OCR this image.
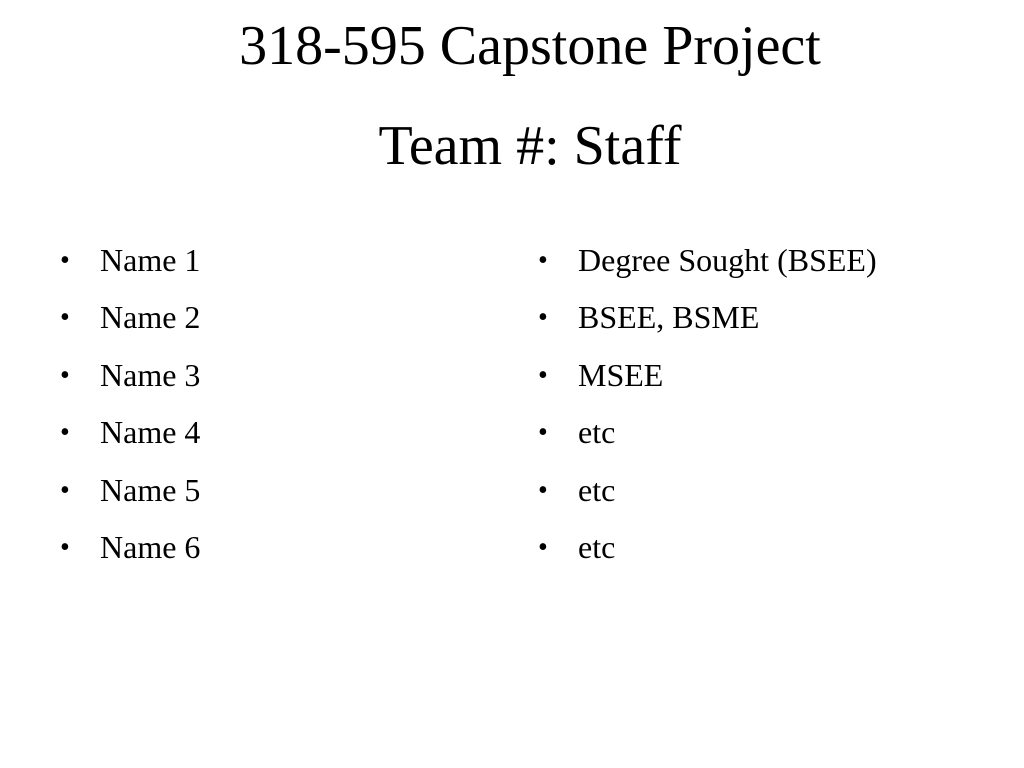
318-595 Capstone Project
Team #: Staff
• Name 1
• Name 2
• Name 3
• Name 4
• Name 5
• Name 6
• Degree Sought (BSEE)
• BSEE, BSME
• MSEE
• etc
• etc
• etc
